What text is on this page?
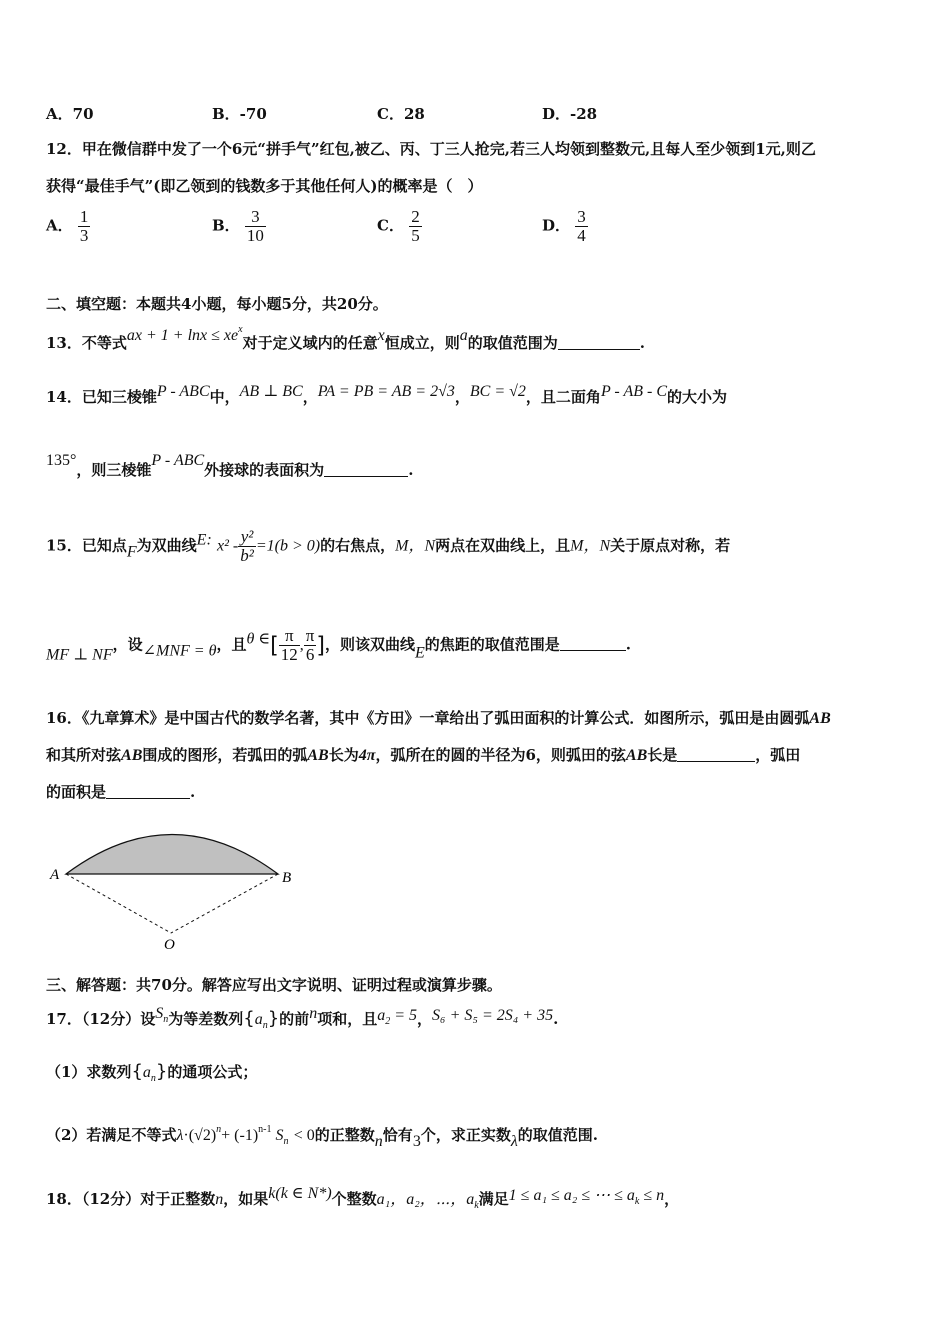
A．70	B．-70	C．28	D．-28
12．甲在微信群中发了一个6元“拼手气”红包,被乙、丙、丁三人抢完,若三人均领到整数元,且每人至少领到1元,则乙
获得“最佳手气”(即乙领到的钱数多于其他任何人)的概率是（　）
A． $\frac{1}{3}$	B． $\frac{3}{10}$	C． $\frac{2}{5}$	D． $\frac{3}{4}$
二、填空题：本题共4小题，每小题5分，共20分。
13．不等式ax + $1 + \ln x \le xe^x$对于定义域内的任意x恒成立，则a的取值范围为	.
14．已知三棱锥P - ABC中，AB ⊥ BC，PA = PB = AB = 2√3，BC = √2，且二面角P - AB - C的大小为
135°，则三棱锥P - ABC外接球的表面积为	.
15．已知点F为双曲线E: $x^2 - \frac{\text{y²}}{\text{b²}} =1(b > 0)$的右焦点，M，N两点在双曲线上，且M，N关于原点对称，若
MF ⊥ NF，设∠MNF = θ，且θ ∈[ $\frac{\pi}{12}$ , $\frac{\pi}{6}$ ]，则该双曲线E的焦距的取值范围是	.
16．《九章算术》是中国古代的数学名著，其中《方田》一章给出了弧田面积的计算公式．如图所示，弧田是由圆弧AB
和其所对弦AB围成的图形，若弧田的弧AB长为4π，弧所在的圆的半径为6，则弧田的弦AB长是	，弧田
的面积是	.
A	B
O
三、解答题：共70分。解答应写出文字说明、证明过程或演算步骤。
17．（12分）设$S_n$为等差数列$\{a_n\}$的前n项和，且$a_2 = 5$，S₆ + S₅ = 2S₄ + 35.
（1）求数列$\{a_n\}$的通项公式；
（2）若满足不等式$\lambda\cdot(√2)^n+ (-1)^{n-1}$ $S_n < 0$的正整数n恰有3个，求正实数λ的取值范围.
18．（12分）对于正整数n，如果k(k ∈ N*)个整数a₁，a₂，⋯，$a_k$满足1 ≤ a₁ ≤ a₂ ≤ ⋯ ≤ $a_k \le n$，
